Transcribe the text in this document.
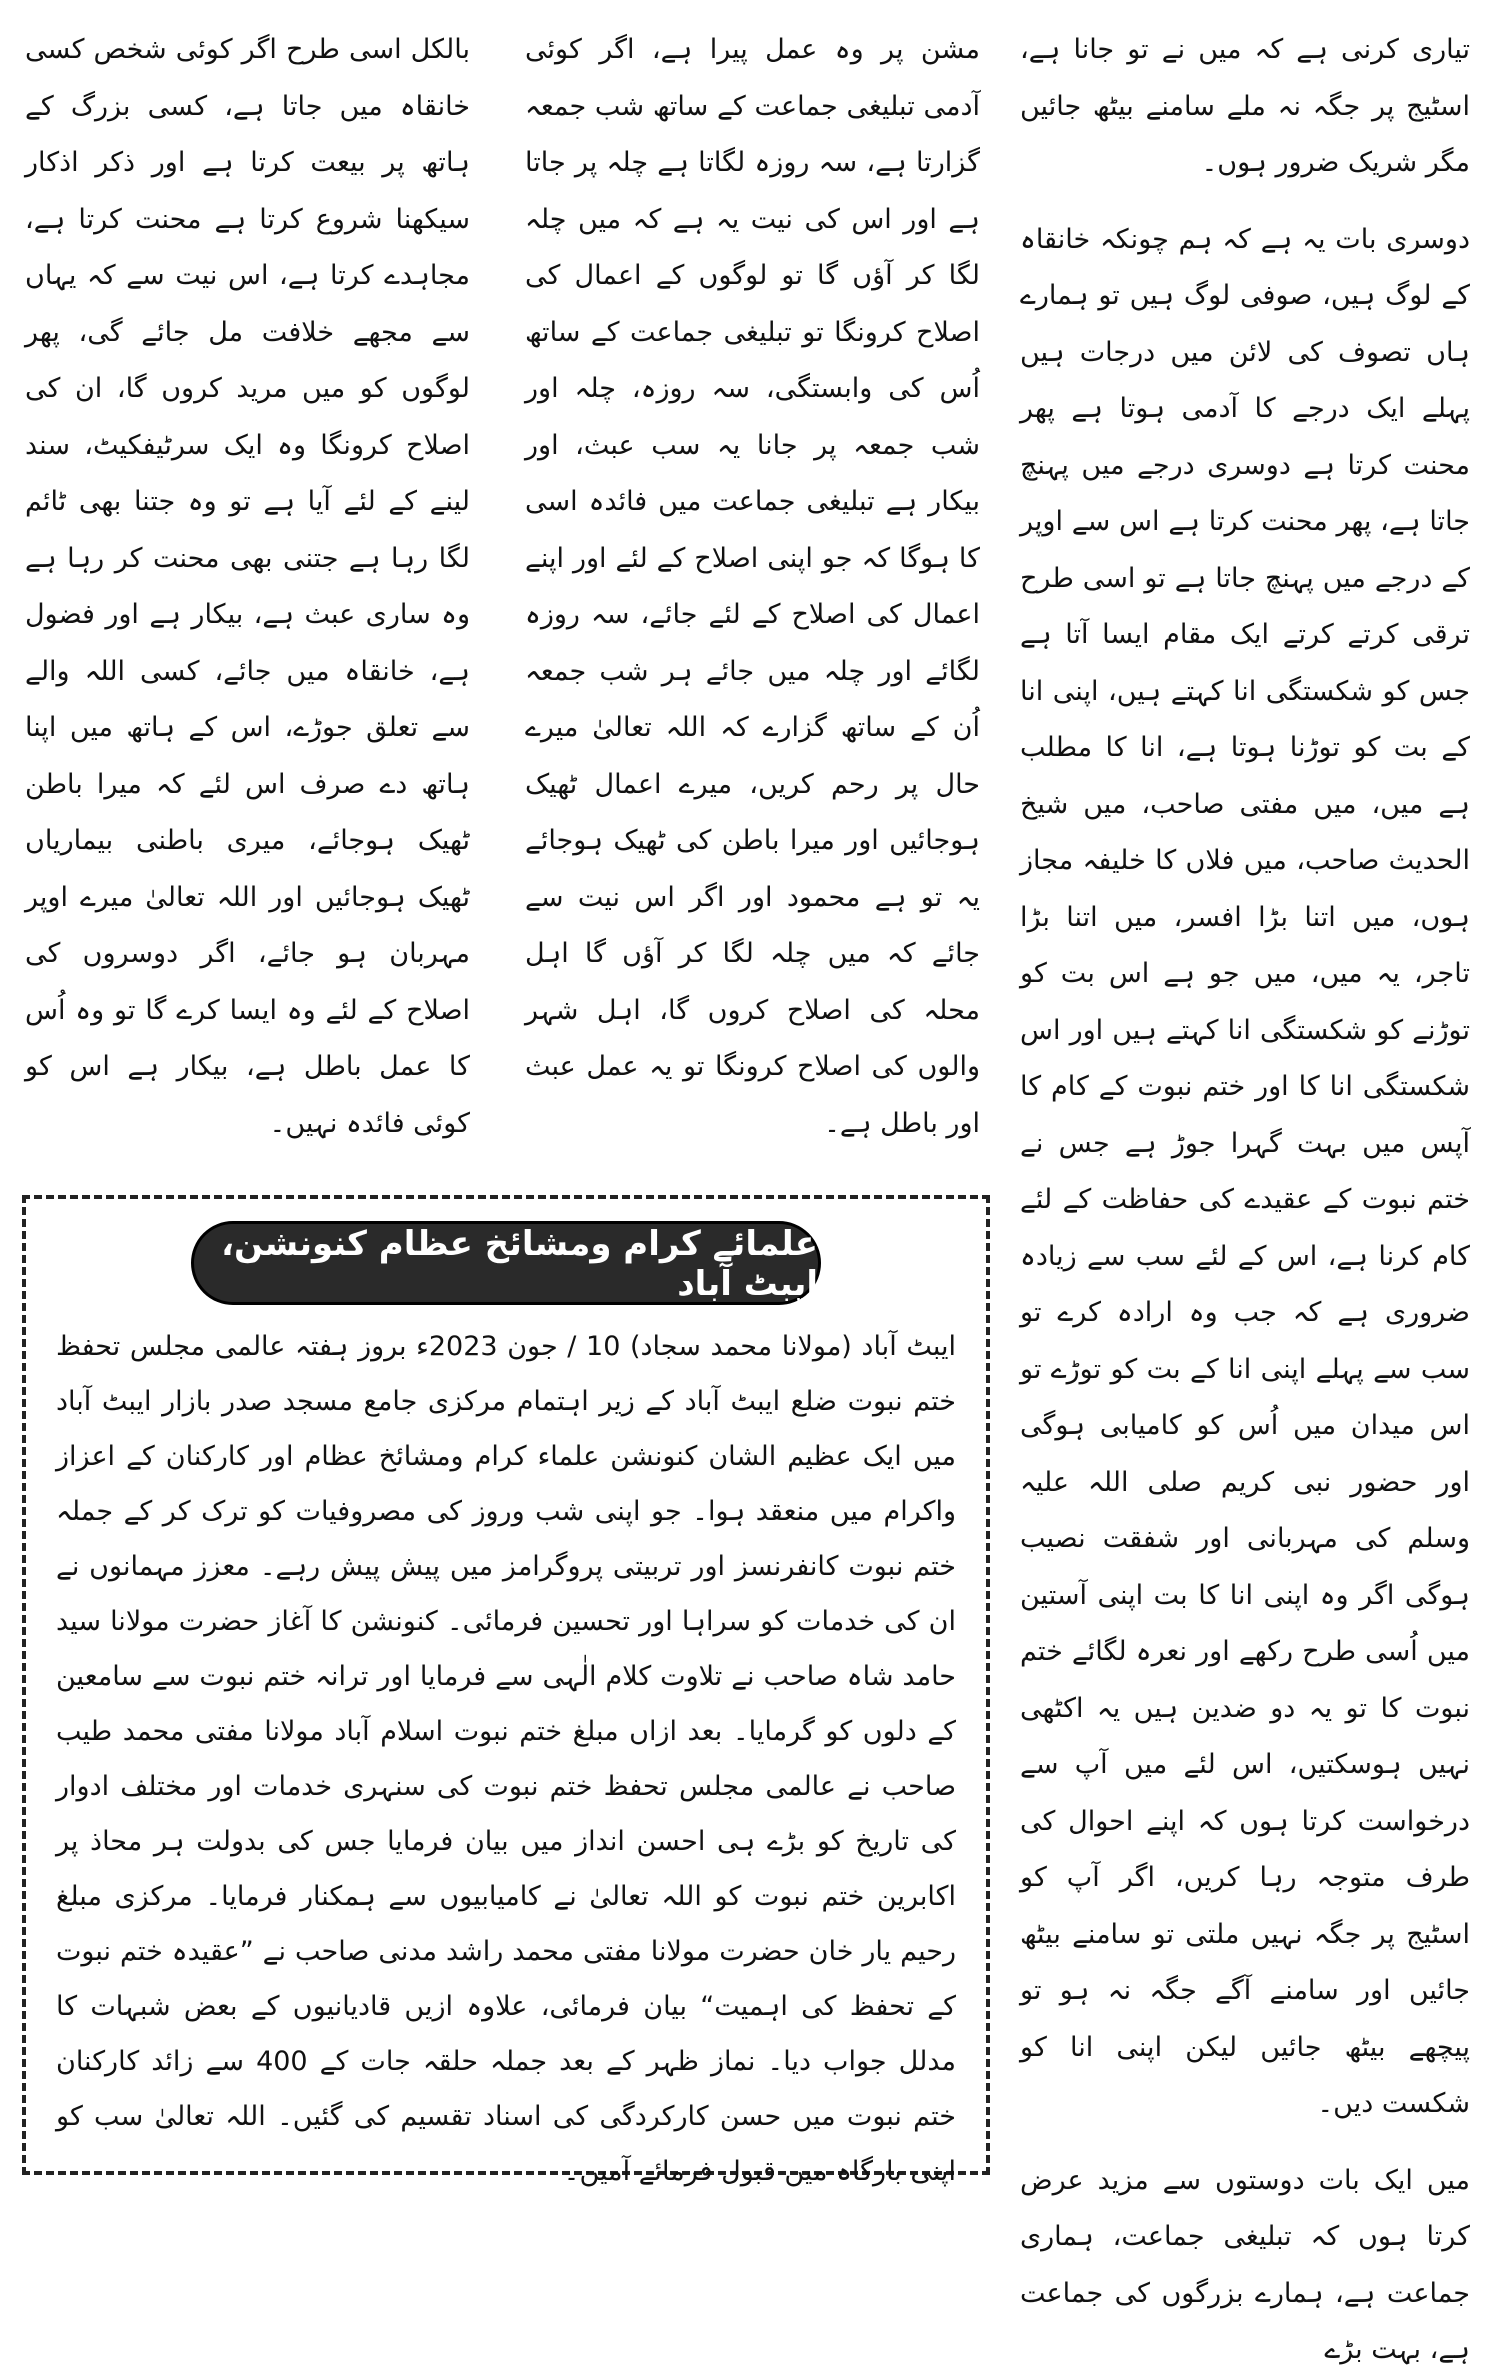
تیاری کرنی ہے کہ میں نے تو جانا ہے، اسٹیج پر جگہ نہ ملے سامنے بیٹھ جائیں مگر شریک ضرور ہوں۔

دوسری بات یہ ہے کہ ہم چونکہ خانقاہ کے لوگ ہیں، صوفی لوگ ہیں تو ہمارے ہاں تصوف کی لائن میں درجات ہیں پہلے ایک درجے کا آدمی ہوتا ہے پھر محنت کرتا ہے دوسری درجے میں پہنچ جاتا ہے، پھر محنت کرتا ہے اس سے اوپر کے درجے میں پہنچ جاتا ہے تو اسی طرح ترقی کرتے کرتے ایک مقام ایسا آتا ہے جس کو شکستگی انا کہتے ہیں، اپنی انا کے بت کو توڑنا ہوتا ہے، انا کا مطلب ہے میں، میں مفتی صاحب، میں شیخ الحدیث صاحب، میں فلاں کا خلیفہ مجاز ہوں، میں اتنا بڑا افسر، میں اتنا بڑا تاجر، یہ میں، میں جو ہے اس بت کو توڑنے کو شکستگی انا کہتے ہیں اور اس شکستگی انا کا اور ختم نبوت کے کام کا آپس میں بہت گہرا جوڑ ہے جس نے ختم نبوت کے عقیدے کی حفاظت کے لئے کام کرنا ہے، اس کے لئے سب سے زیادہ ضروری ہے کہ جب وہ ارادہ کرے تو سب سے پہلے اپنی انا کے بت کو توڑے تو اس میدان میں اُس کو کامیابی ہوگی اور حضور نبی کریم صلی اللہ علیہ وسلم کی مہربانی اور شفقت نصیب ہوگی اگر وہ اپنی انا کا بت اپنی آستین میں اُسی طرح رکھے اور نعرہ لگائے ختم نبوت کا تو یہ دو ضدین ہیں یہ اکٹھی نہیں ہوسکتیں، اس لئے میں آپ سے درخواست کرتا ہوں کہ اپنے احوال کی طرف متوجہ رہا کریں، اگر آپ کو اسٹیج پر جگہ نہیں ملتی تو سامنے بیٹھ جائیں اور سامنے آگے جگہ نہ ہو تو پیچھے بیٹھ جائیں لیکن اپنی انا کو شکست دیں۔

میں ایک بات دوستوں سے مزید عرض کرتا ہوں کہ تبلیغی جماعت، ہماری جماعت ہے، ہمارے بزرگوں کی جماعت ہے، بہت بڑے

مشن پر وہ عمل پیرا ہے، اگر کوئی آدمی تبلیغی جماعت کے ساتھ شب جمعہ گزارتا ہے، سہ روزہ لگاتا ہے چلہ پر جاتا ہے اور اس کی نیت یہ ہے کہ میں چلہ لگا کر آؤں گا تو لوگوں کے اعمال کی اصلاح کرونگا تو تبلیغی جماعت کے ساتھ اُس کی وابستگی، سہ روزہ، چلہ اور شب جمعہ پر جانا یہ سب عبث، اور بیکار ہے تبلیغی جماعت میں فائدہ اسی کا ہوگا کہ جو اپنی اصلاح کے لئے اور اپنے اعمال کی اصلاح کے لئے جائے، سہ روزہ لگائے اور چلہ میں جائے ہر شب جمعہ اُن کے ساتھ گزارے کہ اللہ تعالیٰ میرے حال پر رحم کریں، میرے اعمال ٹھیک ہوجائیں اور میرا باطن کی ٹھیک ہوجائے یہ تو ہے محمود اور اگر اس نیت سے جائے کہ میں چلہ لگا کر آؤں گا اہل محلہ کی اصلاح کروں گا، اہل شہر والوں کی اصلاح کرونگا تو یہ عمل عبث اور باطل ہے۔

بالکل اسی طرح اگر کوئی شخص کسی خانقاہ میں جاتا ہے، کسی بزرگ کے ہاتھ پر بیعت کرتا ہے اور ذکر اذکار سیکھنا شروع کرتا ہے محنت کرتا ہے، مجاہدے کرتا ہے، اس نیت سے کہ یہاں سے مجھے خلافت مل جائے گی، پھر لوگوں کو میں مرید کروں گا، ان کی اصلاح کرونگا وہ ایک سرٹیفکیٹ، سند لینے کے لئے آیا ہے تو وہ جتنا بھی ٹائم لگا رہا ہے جتنی بھی محنت کر رہا ہے وہ ساری عبث ہے، بیکار ہے اور فضول ہے، خانقاہ میں جائے، کسی اللہ والے سے تعلق جوڑے، اس کے ہاتھ میں اپنا ہاتھ دے صرف اس لئے کہ میرا باطن ٹھیک ہوجائے، میری باطنی بیماریاں ٹھیک ہوجائیں اور اللہ تعالیٰ میرے اوپر مہربان ہو جائے، اگر دوسروں کی اصلاح کے لئے وہ ایسا کرے گا تو وہ اُس کا عمل باطل ہے، بیکار ہے اس کو کوئی فائدہ نہیں۔

علمائے کرام ومشائخ عظام کنونشن، ایبٹ آباد

ایبٹ آباد (مولانا محمد سجاد) 10 / جون 2023ء بروز ہفتہ عالمی مجلس تحفظ ختم نبوت ضلع ایبٹ آباد کے زیر اہتمام مرکزی جامع مسجد صدر بازار ایبٹ آباد میں ایک عظیم الشان کنونشن علماء کرام ومشائخ عظام اور کارکنان کے اعزاز واکرام میں منعقد ہوا۔ جو اپنی شب وروز کی مصروفیات کو ترک کر کے جملہ ختم نبوت کانفرنسز اور تربیتی پروگرامز میں پیش پیش رہے۔ معزز مہمانوں نے ان کی خدمات کو سراہا اور تحسین فرمائی۔ کنونشن کا آغاز حضرت مولانا سید حامد شاہ صاحب نے تلاوت کلام الٰہی سے فرمایا اور ترانہ ختم نبوت سے سامعین کے دلوں کو گرمایا۔ بعد ازاں مبلغ ختم نبوت اسلام آباد مولانا مفتی محمد طیب صاحب نے عالمی مجلس تحفظ ختم نبوت کی سنہری خدمات اور مختلف ادوار کی تاریخ کو بڑے ہی احسن انداز میں بیان فرمایا جس کی بدولت ہر محاذ پر اکابرین ختم نبوت کو اللہ تعالیٰ نے کامیابیوں سے ہمکنار فرمایا۔ مرکزی مبلغ رحیم یار خان حضرت مولانا مفتی محمد راشد مدنی صاحب نے ”عقیدہ ختم نبوت کے تحفظ کی اہمیت“ بیان فرمائی، علاوہ ازیں قادیانیوں کے بعض شبہات کا مدلل جواب دیا۔ نماز ظہر کے بعد جملہ حلقہ جات کے 400 سے زائد کارکنان ختم نبوت میں حسن کارکردگی کی اسناد تقسیم کی گئیں۔ اللہ تعالیٰ سب کو اپنی بارگاہ میں قبول فرمائے آمین۔
